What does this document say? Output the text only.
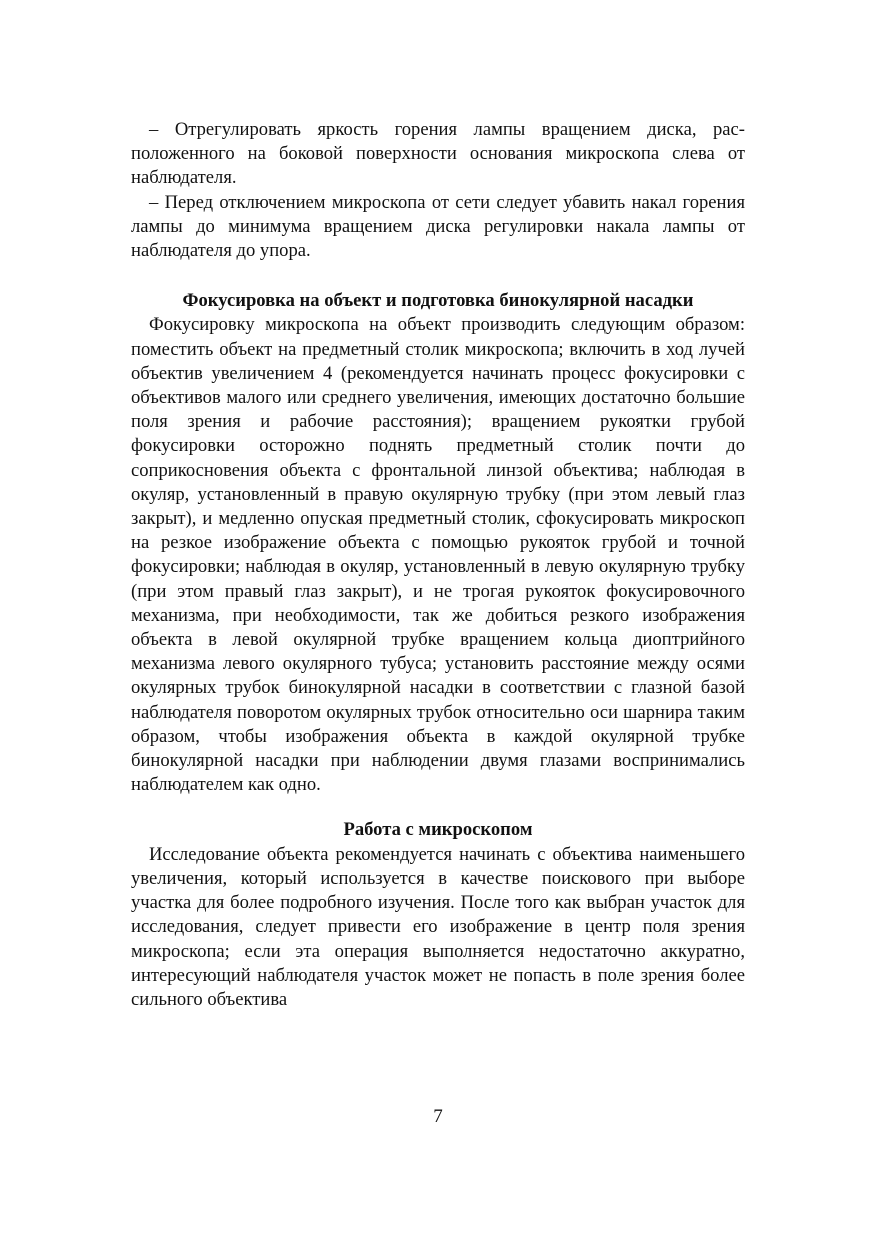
– Отрегулировать яркость горения лампы вращением диска, расположенного на боковой поверхности основания микроскопа слева от наблюдателя.

– Перед отключением микроскопа от сети следует убавить накал горения лампы до минимума вращением диска регулировки накала лампы от наблюдателя до упора.

Фокусировка на объект и подготовка бинокулярной насадки

Фокусировку микроскопа на объект производить следующим образом: поместить объект на предметный столик микроскопа; включить в ход лучей объектив увеличением 4 (рекомендуется начинать процесс фокусировки с объективов малого или среднего увеличения, имеющих достаточно большие поля зрения и рабочие расстояния); вращением рукоятки грубой фокусировки осторожно поднять предметный столик почти до соприкосновения объекта с фронтальной линзой объектива; наблюдая в окуляр, установленный в правую окулярную трубку (при этом левый глаз закрыт), и медленно опуская предметный столик, сфокусировать микроскоп на резкое изображение объекта с помощью рукояток грубой и точной фокусировки; наблюдая в окуляр, установленный в левую окулярную трубку (при этом правый глаз закрыт), и не трогая рукояток фокусировочного механизма, при необходимости, так же добиться резкого изображения объекта в левой окулярной трубке вращением кольца диоптрийного механизма левого окулярного тубуса; установить расстояние между осями окулярных трубок бинокулярной насадки в соответствии с глазной базой наблюдателя поворотом окулярных трубок относительно оси шарнира таким образом, чтобы изображения объекта в каждой окулярной трубке бинокулярной насадки при наблюдении двумя глазами воспринимались наблюдателем как одно.

Работа с микроскопом

Исследование объекта рекомендуется начинать с объектива наименьшего увеличения, который используется в качестве поискового при выборе участка для более подробного изучения. После того как выбран участок для исследования, следует привести его изображение в центр поля зрения микроскопа; если эта операция выполняется недостаточно аккуратно, интересующий наблюдателя участок может не попасть в поле зрения более сильного объектива

7
